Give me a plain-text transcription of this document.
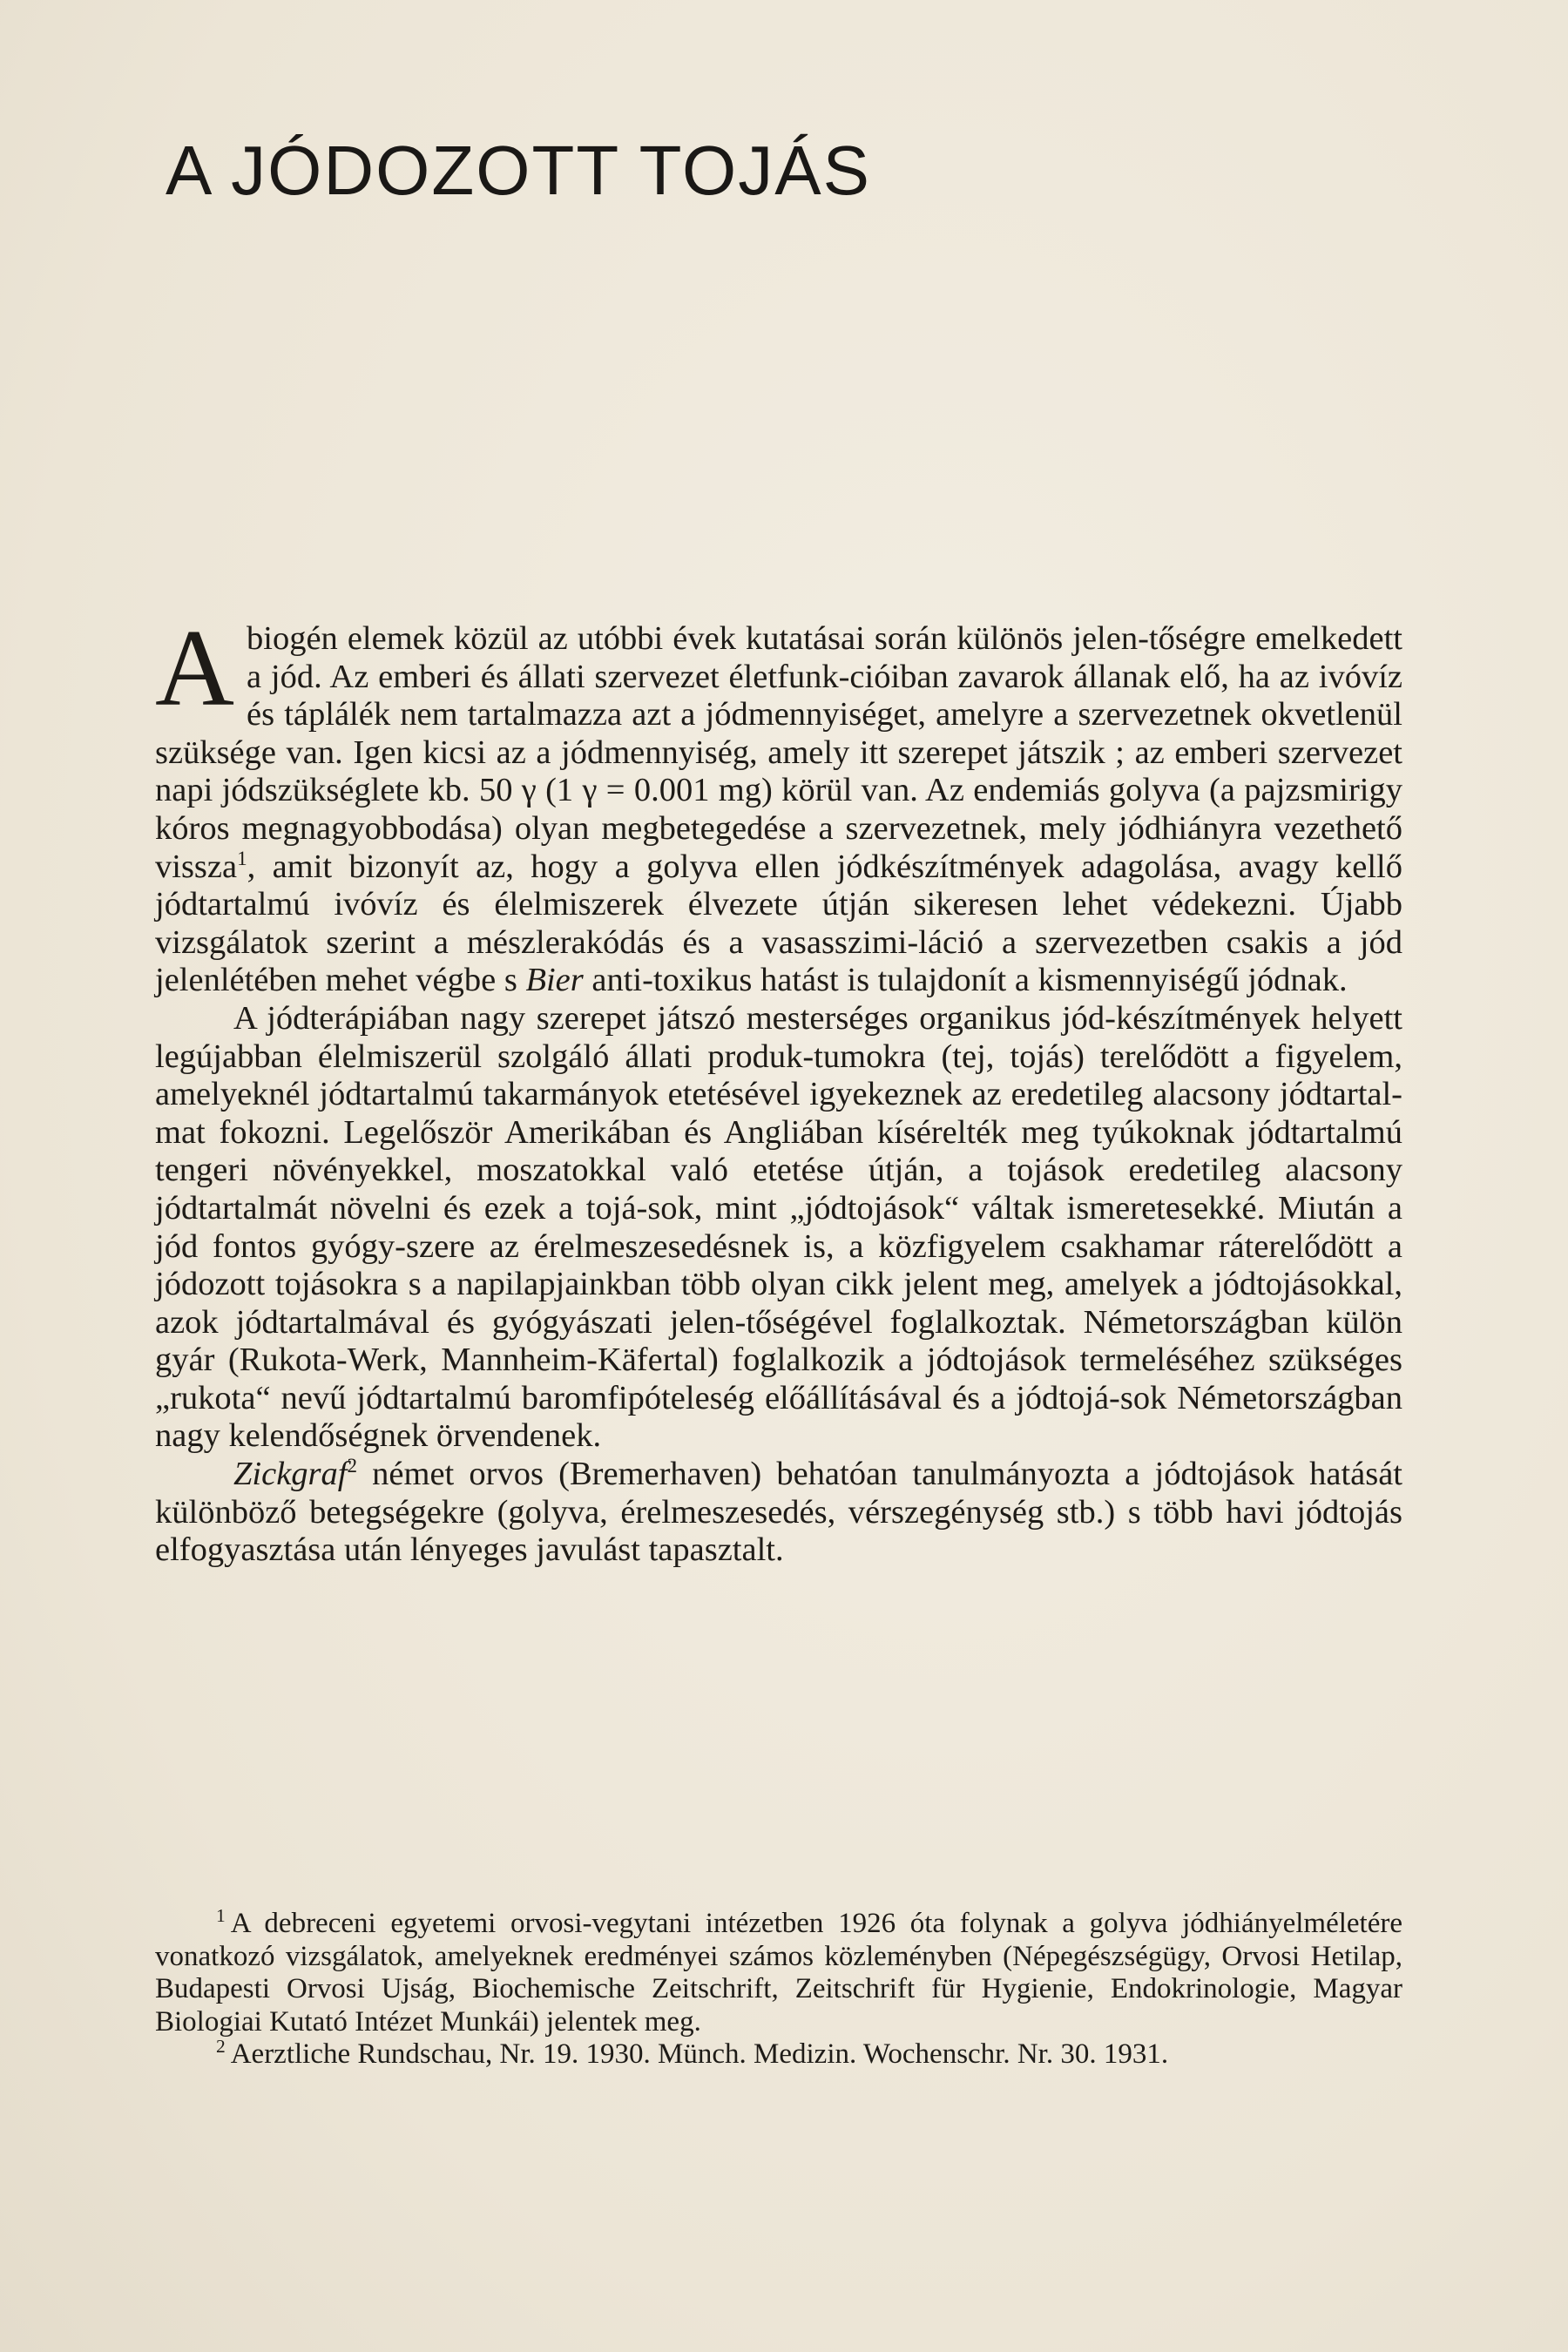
A JÓDOZOTT TOJÁS

Abiogén elemek közül az utóbbi évek kutatásai során különös jelen-tőségre emelkedett a jód. Az emberi és állati szervezet életfunk-cióiban zavarok állanak elő, ha az ivóvíz és táplálék nem tartalmazza azt a jódmennyiséget, amelyre a szervezetnek okvetlenül szüksége van. Igen kicsi az a jódmennyiség, amely itt szerepet játszik ; az emberi szervezet napi jódszükséglete kb. 50 γ (1 γ = 0.001 mg) körül van. Az endemiás golyva (a pajzsmirigy kóros megnagyobbodása) olyan megbetegedése a szervezetnek, mely jódhiányra vezethető vissza$^1$, amit bizonyít az, hogy a golyva ellen jódkészítmények adagolása, avagy kellő jódtartalmú ivóvíz és élelmiszerek élvezete útján sikeresen lehet védekezni. Újabb vizsgálatok szerint a mészlerakódás és a vasasszimi-láció a szervezetben csakis a jód jelenlétében mehet végbe s Bier anti-toxikus hatást is tulajdonít a kismennyiségű jódnak.

A jódterápiában nagy szerepet játszó mesterséges organikus jód-készítmények helyett legújabban élelmiszerül szolgáló állati produk-tumokra (tej, tojás) terelődött a figyelem, amelyeknél jódtartalmú takarmányok etetésével igyekeznek az eredetileg alacsony jódtartal-mat fokozni. Legelőször Amerikában és Angliában kísérelték meg tyúkoknak jódtartalmú tengeri növényekkel, moszatokkal való etetése útján, a tojások eredetileg alacsony jódtartalmát növelni és ezek a tojá-sok, mint „jódtojások“ váltak ismeretesekké. Miután a jód fontos gyógy-szere az érelmeszesedésnek is, a közfigyelem csakhamar ráterelődött a jódozott tojásokra s a napilapjainkban több olyan cikk jelent meg, amelyek a jódtojásokkal, azok jódtartalmával és gyógyászati jelen-tőségével foglalkoztak. Németországban külön gyár (Rukota-Werk, Mannheim-Käfertal) foglalkozik a jódtojások termeléséhez szükséges „rukota“ nevű jódtartalmú baromfipóteleség előállításával és a jódtojá-sok Németországban nagy kelendőségnek örvendenek.

Zickgraf$^2$ német orvos (Bremerhaven) behatóan tanulmányozta a jódtojások hatását különböző betegségekre (golyva, érelmeszesedés, vérszegénység stb.) s több havi jódtojás elfogyasztása után lényeges javulást tapasztalt.

$^1$ A debreceni egyetemi orvosi-vegytani intézetben 1926 óta folynak a golyva jódhiányelméletére vonatkozó vizsgálatok, amelyeknek eredményei számos közleményben (Népegészségügy, Orvosi Hetilap, Budapesti Orvosi Ujság, Biochemische Zeitschrift, Zeitschrift für Hygienie, Endokrinologie, Magyar Biologiai Kutató Intézet Munkái) jelentek meg.

$^2$ Aerztliche Rundschau, Nr. 19. 1930. Münch. Medizin. Wochenschr. Nr. 30. 1931.
